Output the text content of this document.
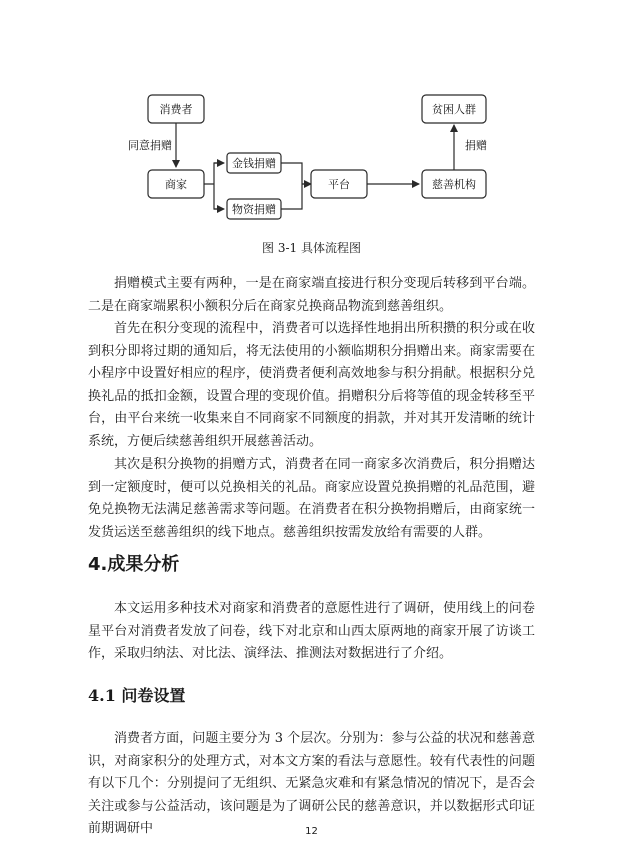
同意捐赠	捐赠
消费者
商家
金钱捐赠
物资捐赠
平台	慈善机构
贫困人群
图 3-1 具体流程图

捐赠模式主要有两种，一是在商家端直接进行积分变现后转移到平台端。二是在商家端累积小额积分后在商家兑换商品物流到慈善组织。

首先在积分变现的流程中，消费者可以选择性地捐出所积攒的积分或在收到积分即将过期的通知后，将无法使用的小额临期积分捐赠出来。商家需要在小程序中设置好相应的程序，使消费者便利高效地参与积分捐献。根据积分兑换礼品的抵扣金额，设置合理的变现价值。捐赠积分后将等值的现金转移至平台，由平台来统一收集来自不同商家不同额度的捐款，并对其开发清晰的统计系统，方便后续慈善组织开展慈善活动。

其次是积分换物的捐赠方式，消费者在同一商家多次消费后，积分捐赠达到一定额度时，便可以兑换相关的礼品。商家应设置兑换捐赠的礼品范围，避免兑换物无法满足慈善需求等问题。在消费者在积分换物捐赠后，由商家统一发货运送至慈善组织的线下地点。慈善组织按需发放给有需要的人群。

4.成果分析

本文运用多种技术对商家和消费者的意愿性进行了调研，使用线上的问卷星平台对消费者发放了问卷，线下对北京和山西太原两地的商家开展了访谈工作，采取归纳法、对比法、演绎法、推测法对数据进行了介绍。

4.1 问卷设置

消费者方面，问题主要分为 3 个层次。分别为：参与公益的状况和慈善意识，对商家积分的处理方式，对本文方案的看法与意愿性。较有代表性的问题有以下几个：分别提问了无组织、无紧急灾难和有紧急情况的情况下，是否会关注或参与公益活动，该问题是为了调研公民的慈善意识，并以数据形式印证前期调研中	12
